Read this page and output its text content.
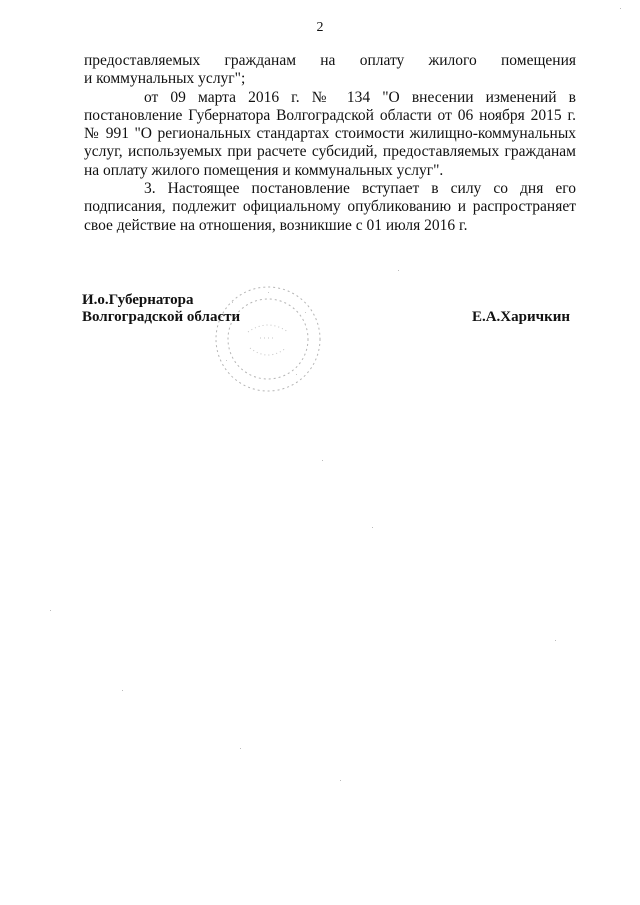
2

предоставляемых гражданам на оплату жилого помещения

и коммунальных услуг";

от 09 марта 2016 г. № 134 "О внесении изменений в постановление Губернатора Волгоградской области от 06 ноября 2015 г. № 991 "О региональных стандартах стоимости жилищно-коммунальных услуг, используемых при расчете субсидий, предоставляемых гражданам на оплату жилого помещения и коммунальных услуг".

3. Настоящее постановление вступает в силу со дня его подписания, подлежит официальному опубликованию и распространяет свое действие на отношения, возникшие с 01 июля 2016 г.

И.о.Губернатора
Волгоградской области	Е.А.Харичкин
